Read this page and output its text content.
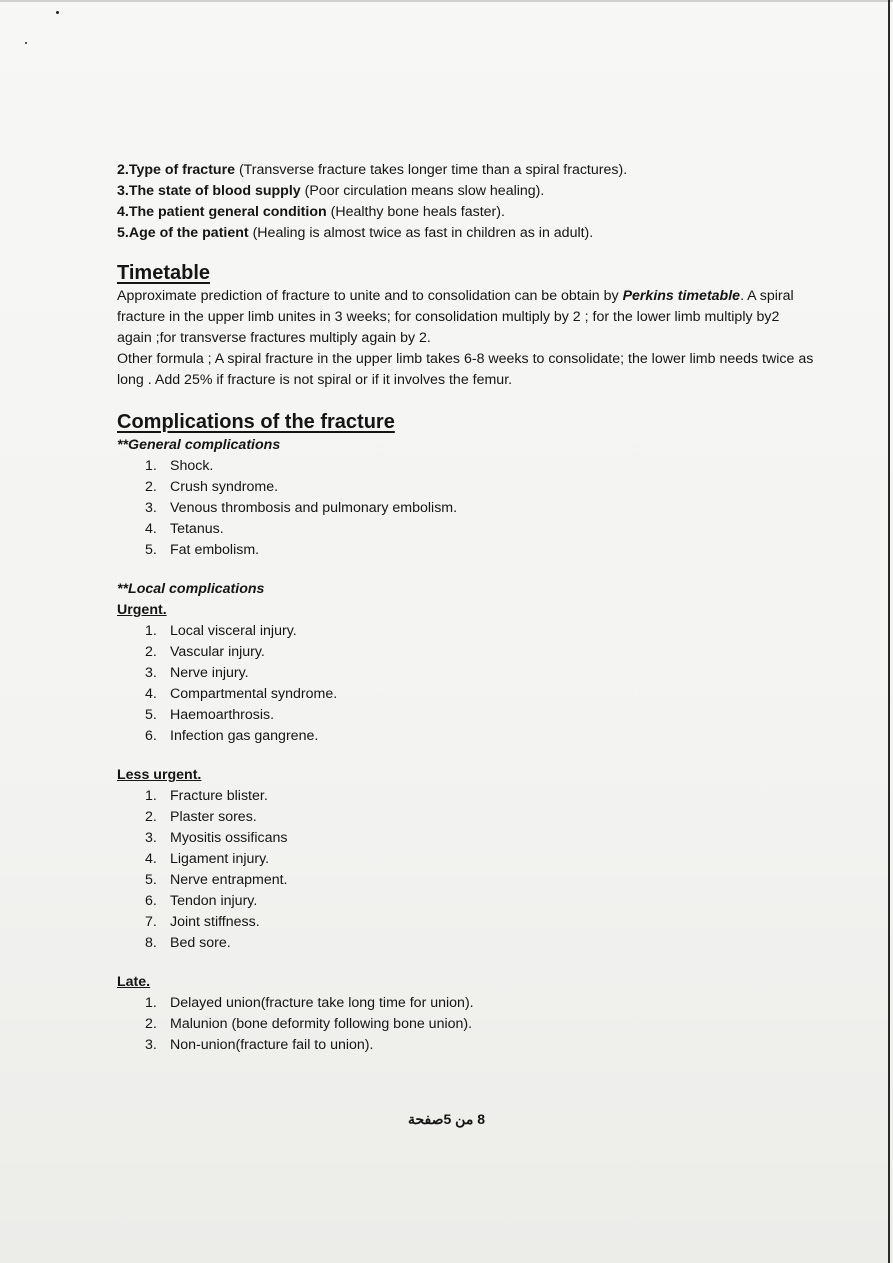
2.Type of fracture (Transverse fracture takes longer time than a spiral fractures).

3.The state of blood supply (Poor circulation means slow healing).

4.The patient general condition (Healthy bone heals faster).

5.Age of the patient (Healing is almost twice as fast in children as in adult).

Timetable

Approximate prediction of fracture to unite and to consolidation can be obtain by Perkins timetable. A spiral fracture in the upper limb unites in 3 weeks; for consolidation multiply by 2 ; for the lower limb multiply by2 again ;for transverse fractures multiply again by 2.

Other formula ; A spiral fracture in the upper limb takes 6-8 weeks to consolidate; the lower limb needs twice as long . Add 25% if fracture is not spiral or if it involves the femur.

Complications of the fracture

**General complications

1. Shock.
2. Crush syndrome.
3. Venous thrombosis and pulmonary embolism.
4. Tetanus.
5. Fat embolism.

**Local complications

Urgent.

1. Local visceral injury.
2. Vascular injury.
3. Nerve injury.
4. Compartmental syndrome.
5. Haemoarthrosis.
6. Infection gas gangrene.

Less urgent.

1. Fracture blister.
2. Plaster sores.
3. Myositis ossificans
4. Ligament injury.
5. Nerve entrapment.
6. Tendon injury.
7. Joint stiffness.
8. Bed sore.

Late.

1. Delayed union(fracture take long time for union).
2. Malunion (bone deformity following bone union).
3. Non-union(fracture fail to union).
8 من 5صفحة
